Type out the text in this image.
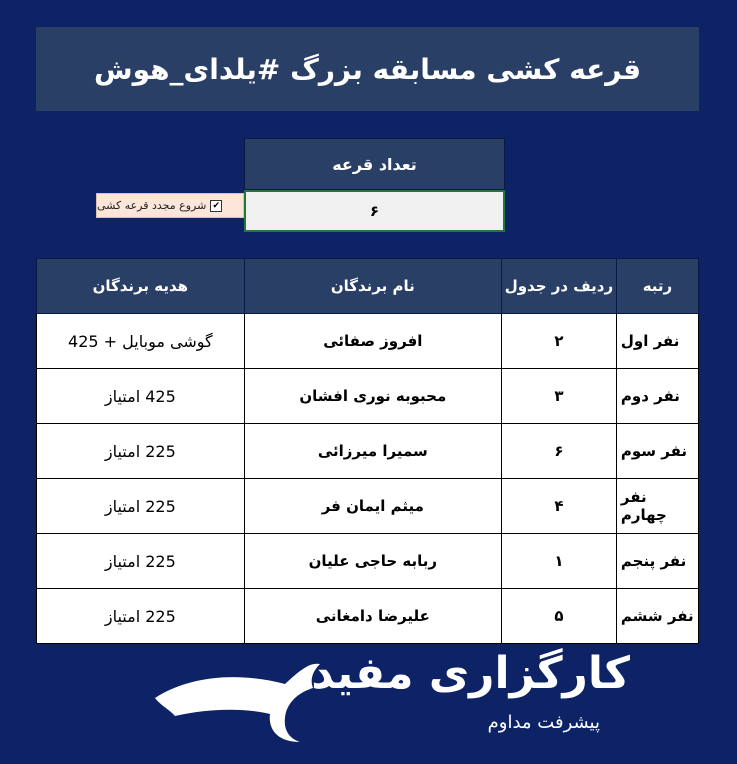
قرعه کشی مسابقه بزرگ #یلدای_هوش
تعداد قرعه
۶
✔
شروع مجدد قرعه کشی
رتبه	ردیف در جدول	نام برندگان	هدیه برندگان
نفر اول	۲	افروز صفائی	گوشی موبایل + 425
نفر دوم	۳	محبوبه نوری افشان	425 امتیاز
نفر سوم	۶	سمیرا میرزائی	225 امتیاز
نفر چهارم	۴	میثم ایمان فر	225 امتیاز
نفر پنجم	۱	ربابه حاجی علیان	225 امتیاز
نفر ششم	۵	علیرضا دامغانی	225 امتیاز
کارگزاری مفید
پیشرفت مداوم
